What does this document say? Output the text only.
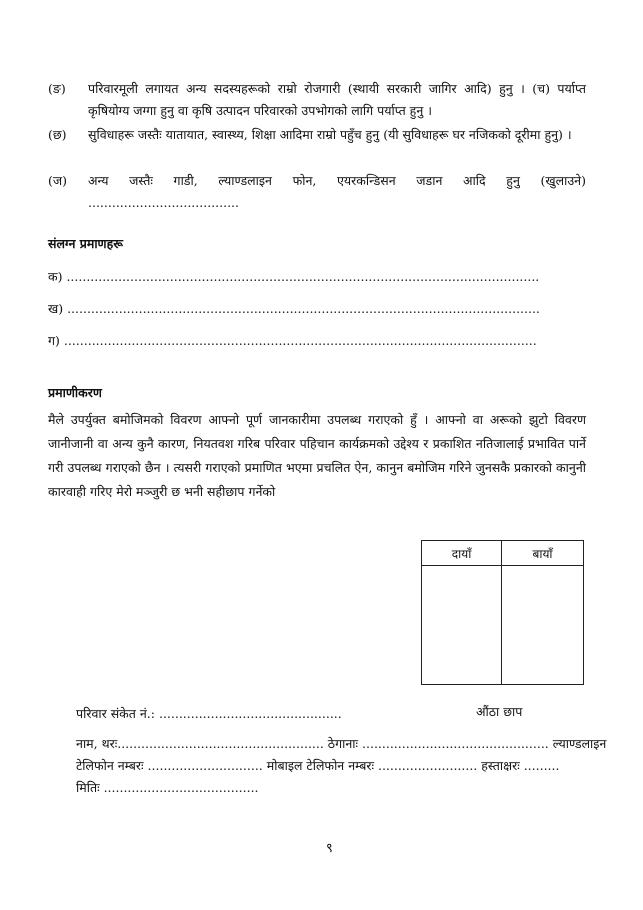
(ङ) परिवारमूली लगायत अन्य सदस्यहरूको राम्रो रोजगारी (स्थायी सरकारी जागिर आदि) हुनु । (च) पर्याप्त कृषियोग्य जग्गा हुनु वा कृषि उत्पादन परिवारको उपभोगको लागि पर्याप्त हुनु ।
(छ) सुविधाहरू जस्तैः यातायात, स्वास्थ्य, शिक्षा आदिमा राम्रो पहुँच हुनु (यी सुविधाहरू घर नजिकको दूरीमा हुनु) ।
(ज) अन्य जस्तैः गाडी, ल्याण्डलाइन फोन, एयरकन्डिसन जडान आदि हुनु (खुलाउने) ......................................
संलग्न प्रमाणहरू
क) .......................................................................................................................
ख) .......................................................................................................................
ग) .......................................................................................................................
प्रमाणीकरण
मैले उपर्युक्त बमोजिमको विवरण आफ्नो पूर्ण जानकारीमा उपलब्ध गराएको हुँ । आफ्नो वा अरूको झुटो विवरण जानीजानी वा अन्य कुनै कारण, नियतवश गरिब परिवार पहिचान कार्यक्रमको उद्देश्य र प्रकाशित नतिजालाई प्रभावित पार्ने गरी उपलब्ध गराएको छैन । त्यसरी गराएको प्रमाणित भएमा प्रचलित ऐन, कानुन बमोजिम गरिने जुनसकै प्रकारको कानुनी कारवाही गरिए मेरो मञ्जुरी छ भनी सहीछाप गर्नेको
दायाँ	बायाँ

परिवार संकेत नं.: ..............................................	औंठा छाप
नाम, थरः.................................................... ठेगानाः ............................................... ल्याण्डलाइन
टेलिफोन नम्बरः ............................. मोबाइल टेलिफोन नम्बरः ......................... हस्ताक्षरः .........
मितिः .......................................
९
